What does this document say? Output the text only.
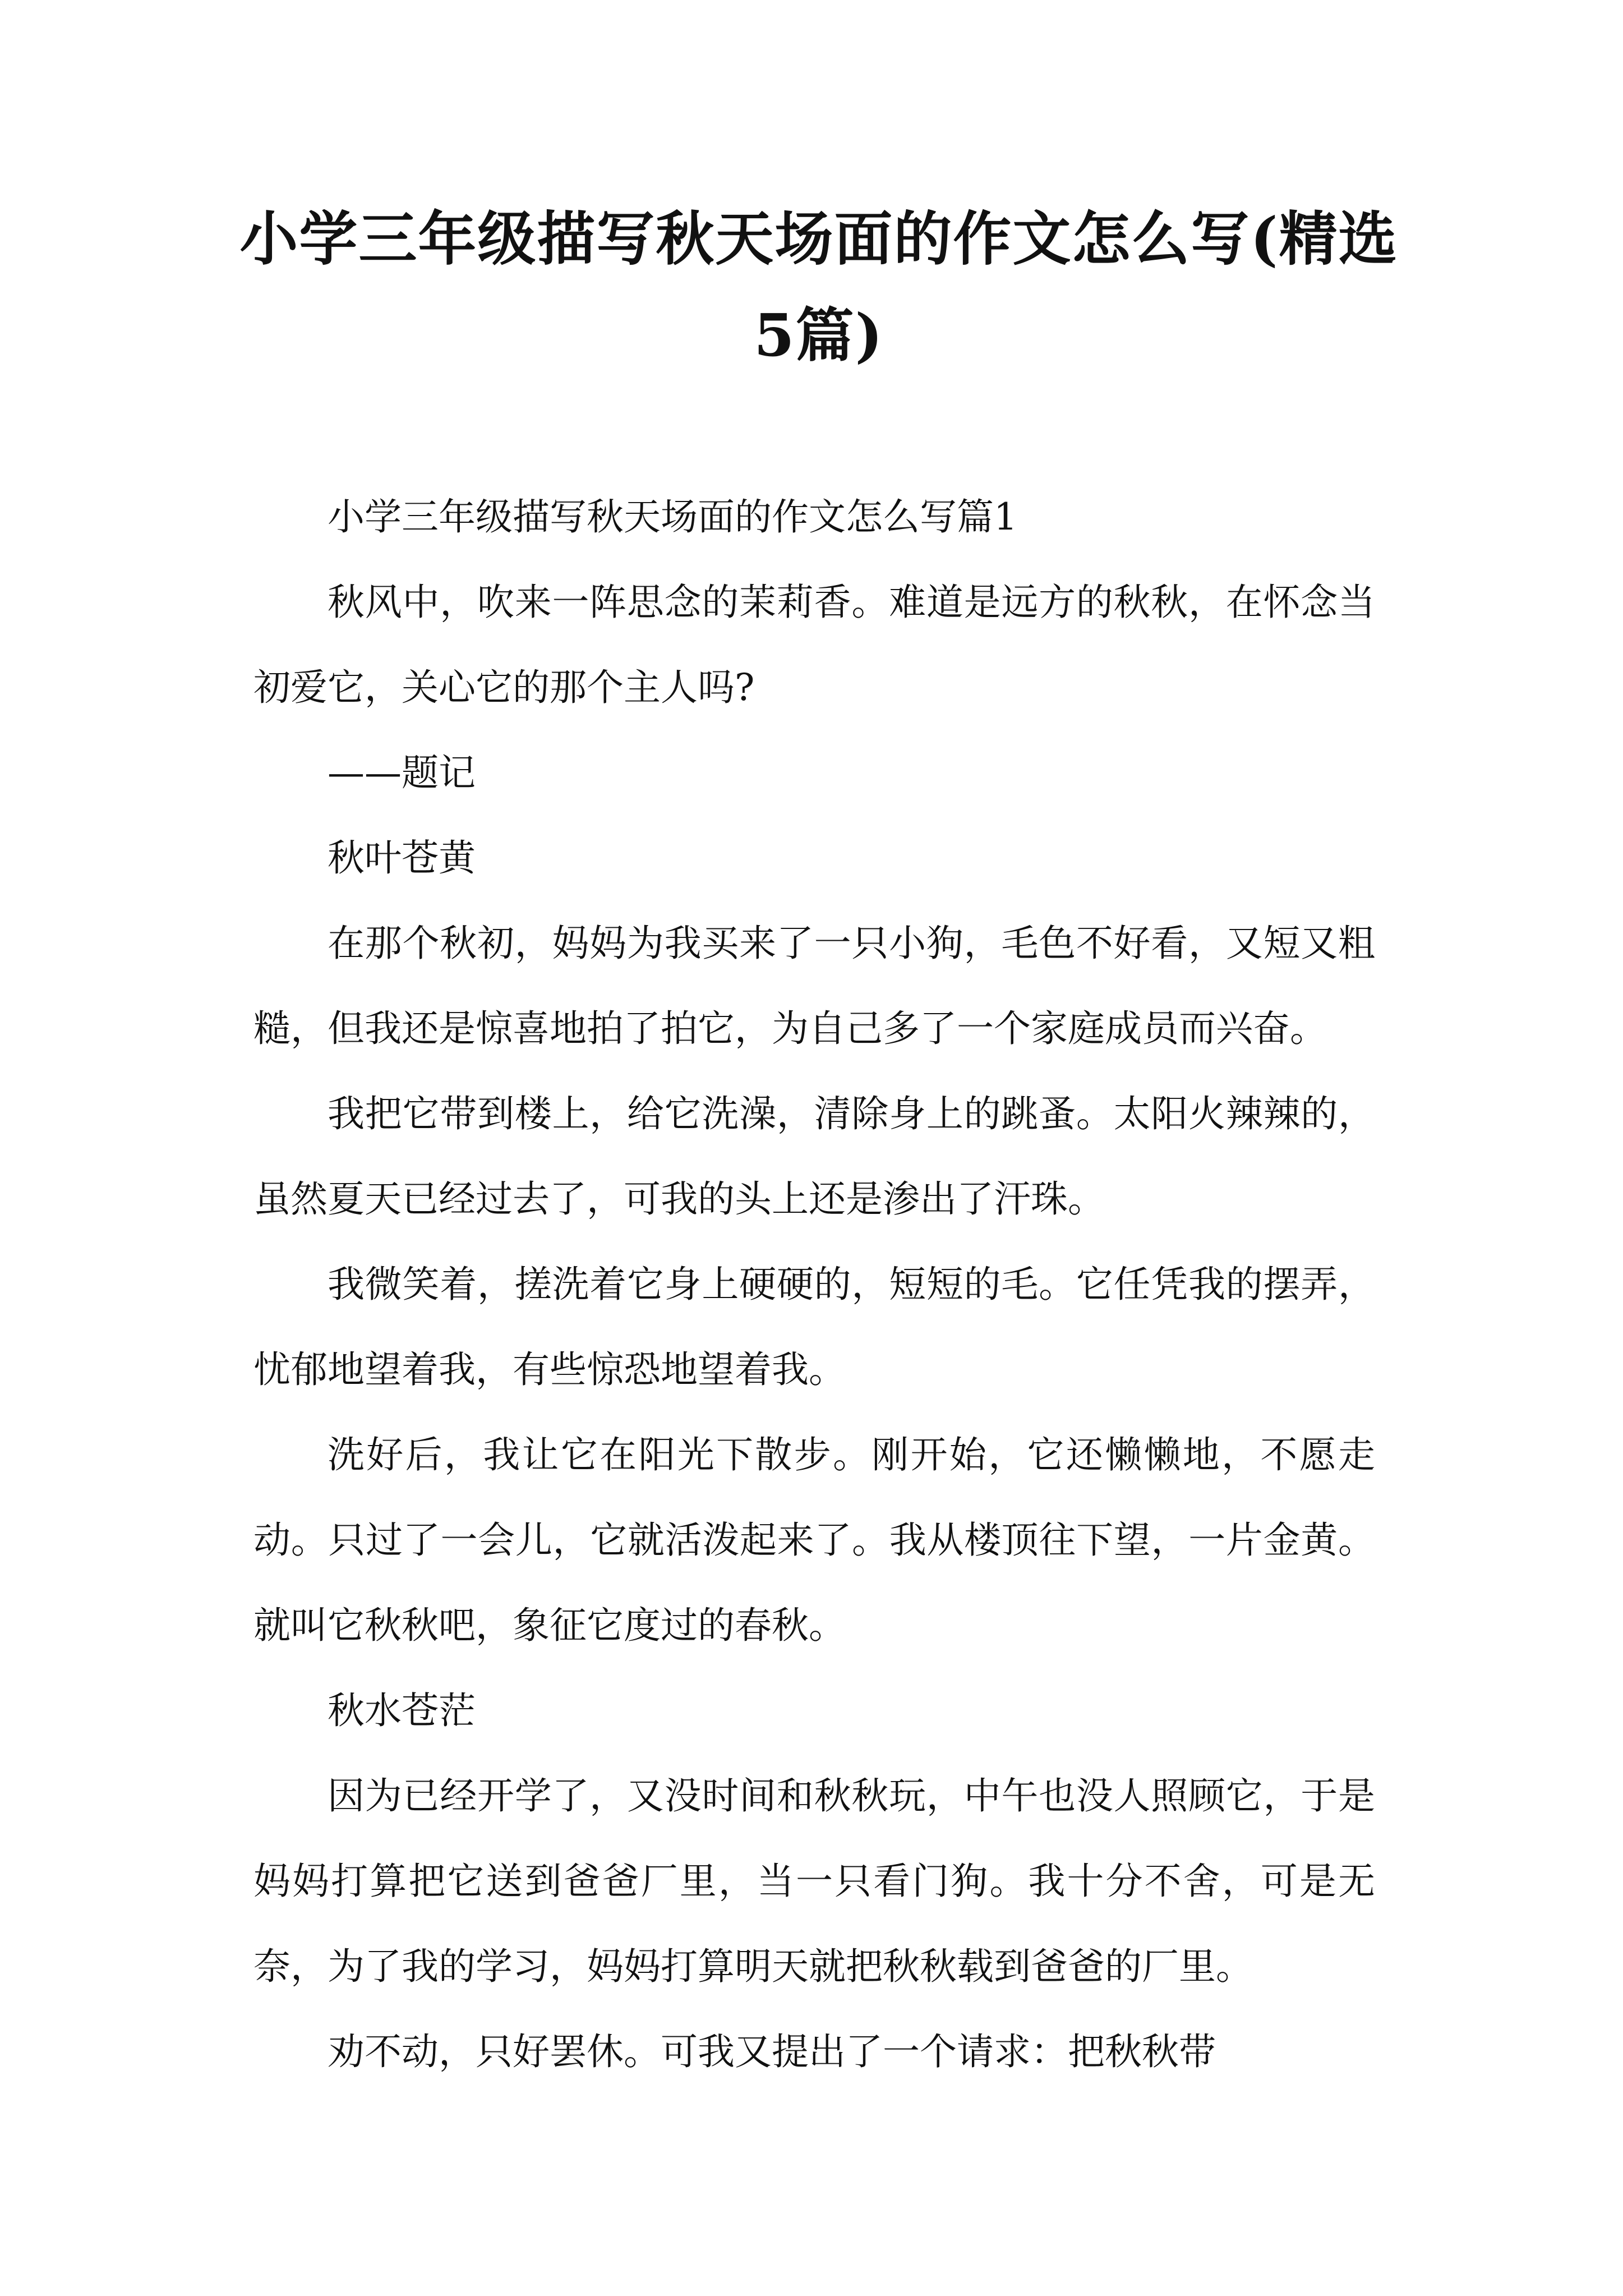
小学三年级描写秋天场面的作文怎么写(精选5篇)

小学三年级描写秋天场面的作文怎么写篇1

秋风中，吹来一阵思念的茉莉香。难道是远方的秋秋，在怀念当初爱它，关心它的那个主人吗?

——题记

秋叶苍黄

在那个秋初，妈妈为我买来了一只小狗，毛色不好看，又短又粗糙，但我还是惊喜地拍了拍它，为自己多了一个家庭成员而兴奋。

我把它带到楼上，给它洗澡，清除身上的跳蚤。太阳火辣辣的，虽然夏天已经过去了，可我的头上还是渗出了汗珠。

我微笑着，搓洗着它身上硬硬的，短短的毛。它任凭我的摆弄，忧郁地望着我，有些惊恐地望着我。

洗好后，我让它在阳光下散步。刚开始，它还懒懒地，不愿走动。只过了一会儿，它就活泼起来了。我从楼顶往下望，一片金黄。就叫它秋秋吧，象征它度过的春秋。

秋水苍茫

因为已经开学了，又没时间和秋秋玩，中午也没人照顾它，于是妈妈打算把它送到爸爸厂里，当一只看门狗。我十分不舍，可是无奈，为了我的学习，妈妈打算明天就把秋秋载到爸爸的厂里。

劝不动，只好罢休。可我又提出了一个请求：把秋秋带
